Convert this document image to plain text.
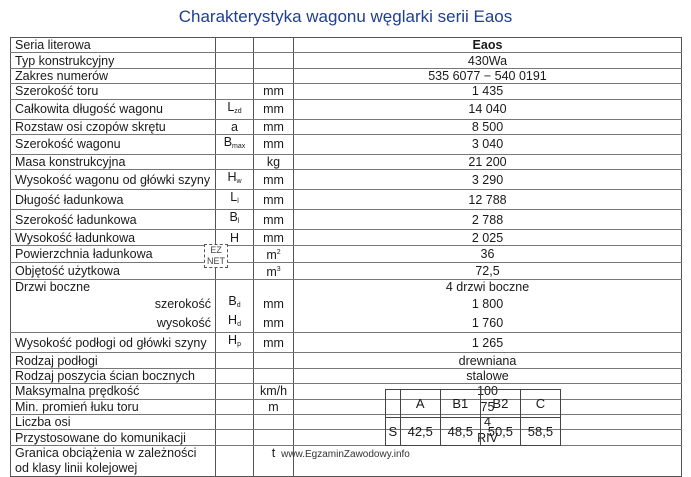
Charakterystyka wagonu węglarki serii Eaos
Seria literowa			Eaos
Typ konstrukcyjny			430Wa
Zakres numerów			535 6077 − 540 0191
Szerokość toru		mm	1 435
Całkowita długość wagonu	$L_{zd}$	mm	14 040
Rozstaw osi czopów skrętu	a	mm	8 500
Szerokość wagonu	$B_{max}$	mm	3 040
Masa konstrukcyjna		kg	21 200
Wysokość wagonu od główki szyny	$H_w$	mm	3 290
Długość ładunkowa	$L_l$	mm	12 788
Szerokość ładunkowa	$B_l$	mm	2 788
Wysokość ładunkowa	H	mm	2 025
Powierzchnia ładunkowa		$m^2$	36
Objętość użytkowa		$m^3$	72,5
Drzwi boczne			4 drzwi boczne
szerokość	$B_d$	mm	1 800
wysokość	$H_d$	mm	1 760
Wysokość podłogi od główki szyny	$H_p$	mm	1 265
Rodzaj podłogi			drewniana
Rodzaj poszycia ścian bocznych			stalowe
Maksymalna prędkość		km/h	100
Min. promień łuku toru		m	75
Liczba osi			4
Przystosowane do komunikacji			RIV

Granica obciążenia w zależności
od klasy linii kolejowej		t	
	A	B1	B2	C
S	42,5	48,5	50,5	58,5
EZ NET
www.EgzaminZawodowy.info
